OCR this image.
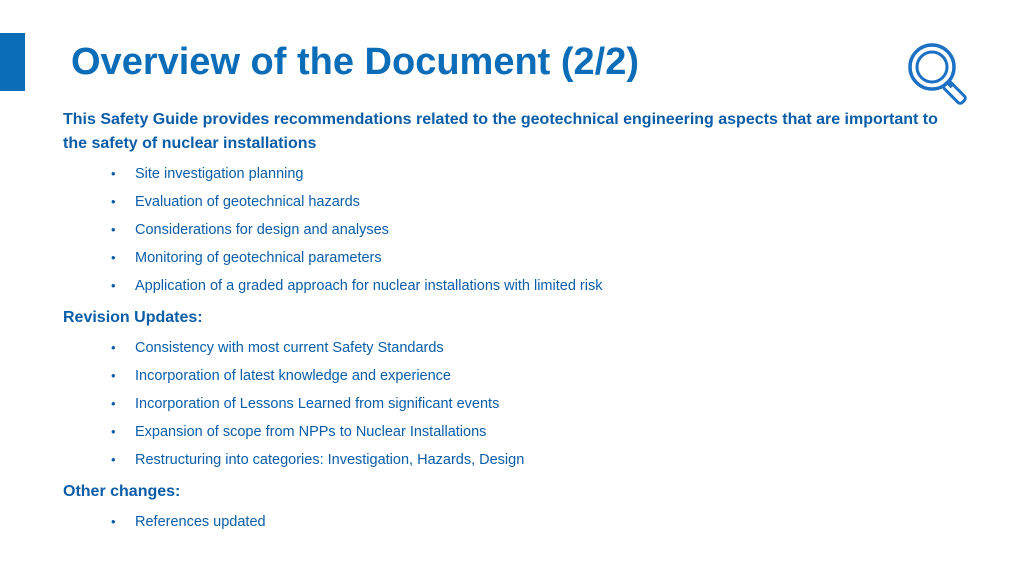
Overview of the Document (2/2)

This Safety Guide provides recommendations related to the geotechnical engineering aspects that are important to the safety of nuclear installations

• Site investigation planning
• Evaluation of geotechnical hazards
• Considerations for design and analyses
• Monitoring of geotechnical parameters
• Application of a graded approach for nuclear installations with limited risk

Revision Updates:

• Consistency with most current Safety Standards
• Incorporation of latest knowledge and experience
• Incorporation of Lessons Learned from significant events
• Expansion of scope from NPPs to Nuclear Installations
• Restructuring into categories: Investigation, Hazards, Design

Other changes:

• References updated
